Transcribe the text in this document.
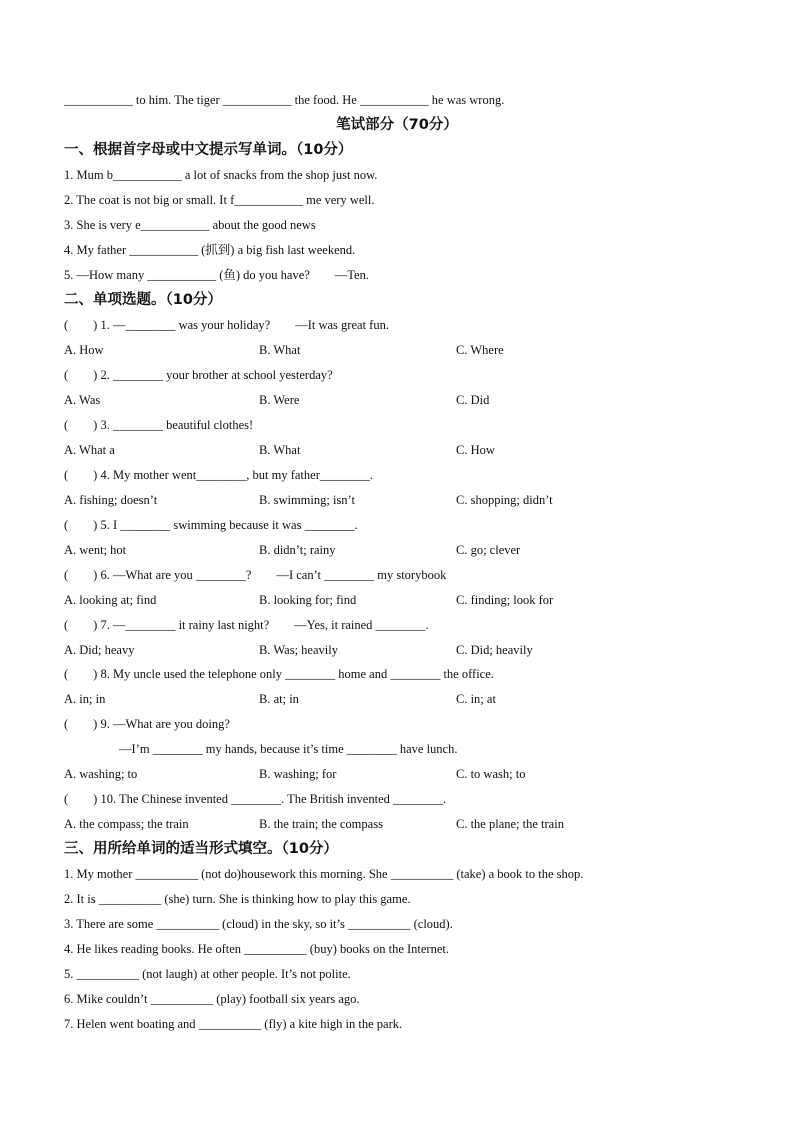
___________ to him. The tiger ___________ the food. He ___________ he was wrong.
笔试部分（70分）
一、根据首字母或中文提示写单词。（10分）
1. Mum b___________ a lot of snacks from the shop just now.
2. The coat is not big or small. It f___________ me very well.
3. She is very e___________ about the good news
4. My father ___________ (抓到) a big fish last weekend.
5. —How many ___________ (鱼) do you have?        —Ten.
二、单项选题。（10分）
(        ) 1. —________ was your holiday?        —It was great fun.
A. How	B. What	C. Where
(        ) 2. ________ your brother at school yesterday?
A. Was	B. Were	C. Did
(        ) 3. ________ beautiful clothes!
A. What a	B. What	C. How
(        ) 4. My mother went________, but my father________.
A. fishing; doesn’t	B. swimming; isn’t	C. shopping; didn’t
(        ) 5. I ________ swimming because it was ________.
A. went; hot	B. didn’t; rainy	C. go; clever
(        ) 6. —What are you ________?        —I can’t ________ my storybook
A. looking at; find	B. looking for; find	C. finding; look for
(        ) 7. —________ it rainy last night?        —Yes, it rained ________.
A. Did; heavy	B. Was; heavily	C. Did; heavily
(        ) 8. My uncle used the telephone only ________ home and ________ the office.
A. in; in	B. at; in	C. in; at
(        ) 9. —What are you doing?
—I’m ________ my hands, because it’s time ________ have lunch.
A. washing; to	B. washing; for	C. to wash; to
(        ) 10. The Chinese invented ________. The British invented ________.
A. the compass; the train	B. the train; the compass	C. the plane; the train
三、用所给单词的适当形式填空。（10分）
1. My mother __________ (not do)housework this morning. She __________ (take) a book to the shop.
2. It is __________ (she) turn. She is thinking how to play this game.
3. There are some __________ (cloud) in the sky, so it’s __________ (cloud).
4. He likes reading books. He often __________ (buy) books on the Internet.
5. __________ (not laugh) at other people. It’s not polite.
6. Mike couldn’t __________ (play) football six years ago.
7. Helen went boating and __________ (fly) a kite high in the park.
